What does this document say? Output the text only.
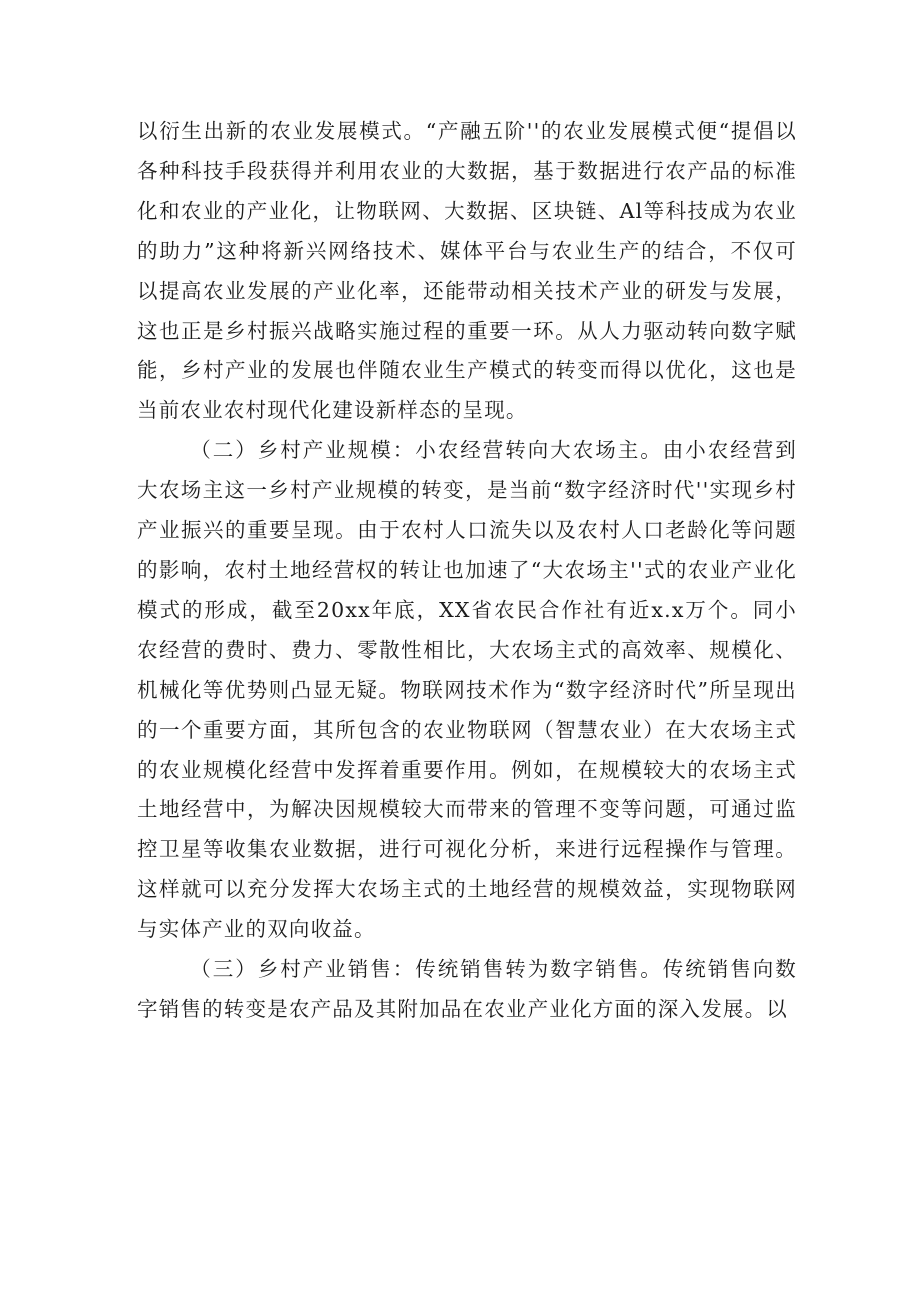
以衍生出新的农业发展模式。“产融五阶''的农业发展模式便“提倡以各种科技手段获得并利用农业的大数据，基于数据进行农产品的标准化和农业的产业化，让物联网、大数据、区块链、Al等科技成为农业的助力”这种将新兴网络技术、媒体平台与农业生产的结合，不仅可以提高农业发展的产业化率，还能带动相关技术产业的研发与发展，这也正是乡村振兴战略实施过程的重要一环。从人力驱动转向数字赋能，乡村产业的发展也伴随农业生产模式的转变而得以优化，这也是当前农业农村现代化建设新样态的呈现。

（二）乡村产业规模：小农经营转向大农场主。由小农经营到大农场主这一乡村产业规模的转变，是当前“数字经济时代''实现乡村产业振兴的重要呈现。由于农村人口流失以及农村人口老龄化等问题的影响，农村土地经营权的转让也加速了“大农场主''式的农业产业化模式的形成，截至20xx年底，XX省农民合作社有近x.x万个。同小农经营的费时、费力、零散性相比，大农场主式的高效率、规模化、机械化等优势则凸显无疑。物联网技术作为“数字经济时代”所呈现出的一个重要方面，其所包含的农业物联网（智慧农业）在大农场主式的农业规模化经营中发挥着重要作用。例如，在规模较大的农场主式土地经营中，为解决因规模较大而带来的管理不变等问题，可通过监控卫星等收集农业数据，进行可视化分析，来进行远程操作与管理。这样就可以充分发挥大农场主式的土地经营的规模效益，实现物联网与实体产业的双向收益。

（三）乡村产业销售：传统销售转为数字销售。传统销售向数字销售的转变是农产品及其附加品在农业产业化方面的深入发展。以
